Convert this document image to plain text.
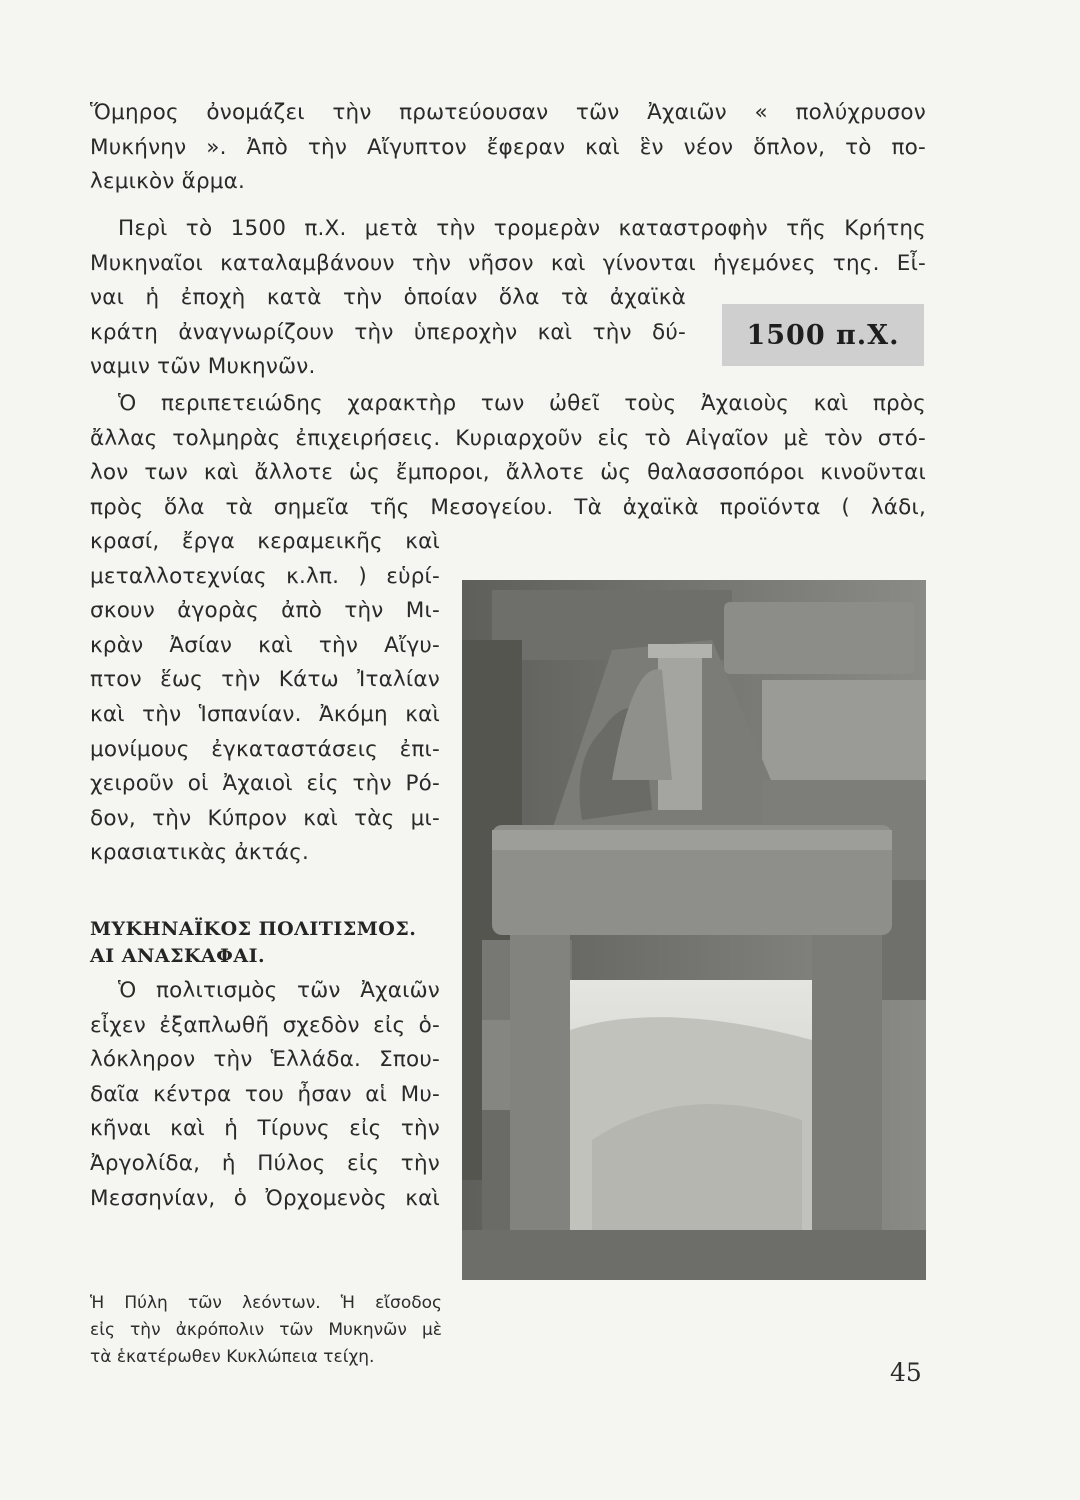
Ὅμηρος ὀνομάζει τὴν πρωτεύουσαν τῶν Ἀχαιῶν « πολύχρυσον
Μυκήνην ». Ἀπὸ τὴν Αἴγυπτον ἔφεραν καὶ ἓν νέον ὅπλον, τὸ πο-
λεμικὸν ἅρμα.
Περὶ τὸ 1500 π.Χ. μετὰ τὴν τρομερὰν καταστροφὴν τῆς Κρήτης
Μυκηναῖοι καταλαμβάνουν τὴν νῆσον καὶ γίνονται ἡγεμόνες της. Εἶ-
ναι ἡ ἐποχὴ κατὰ τὴν ὁποίαν ὅλα τὰ ἀχαϊκὰ
κράτη ἀναγνωρίζουν τὴν ὑπεροχὴν καὶ τὴν δύ-
ναμιν τῶν Μυκηνῶν.
1500 π.Χ.
Ὁ περιπετειώδης χαρακτὴρ των ὠθεῖ τοὺς Ἀχαιοὺς καὶ πρὸς
ἄλλας τολμηρὰς ἐπιχειρήσεις. Κυριαρχοῦν εἰς τὸ Αἰγαῖον μὲ τὸν στό-
λον των καὶ ἄλλοτε ὡς ἔμποροι, ἄλλοτε ὡς θαλασσοπόροι κινοῦνται
πρὸς ὅλα τὰ σημεῖα τῆς Μεσογείου. Τὰ ἀχαϊκὰ προϊόντα ( λάδι,
κρασί, ἔργα κεραμεικῆς καὶ
μεταλλοτεχνίας κ.λπ. ) εὑρί-
σκουν ἀγορὰς ἀπὸ τὴν Μι-
κρὰν Ἀσίαν καὶ τὴν Αἴγυ-
πτον ἕως τὴν Κάτω Ἰταλίαν
καὶ τὴν Ἱσπανίαν. Ἀκόμη καὶ
μονίμους ἐγκαταστάσεις ἐπι-
χειροῦν οἱ Ἀχαιοὶ εἰς τὴν Ρό-
δον, τὴν Κύπρον καὶ τὰς μι-
κρασιατικὰς ἀκτάς.
ΜΥΚΗΝΑΪΚΟΣ ΠΟΛΙΤΙΣΜΟΣ.
ΑΙ ΑΝΑΣΚΑΦΑΙ.
Ὁ πολιτισμὸς τῶν Ἀχαιῶν
εἶχεν ἐξαπλωθῆ σχεδὸν εἰς ὁ-
λόκληρον τὴν Ἑλλάδα. Σπου-
δαῖα κέντρα του ἦσαν αἱ Μυ-
κῆναι καὶ ἡ Τίρυνς εἰς τὴν
Ἀργολίδα, ἡ Πύλος εἰς τὴν
Μεσσηνίαν, ὁ Ὀρχομενὸς καὶ
Ἡ Πύλη τῶν λεόντων. Ἡ εἴσοδος
εἰς τὴν ἀκρόπολιν τῶν Μυκηνῶν μὲ
τὰ ἑκατέρωθεν Κυκλώπεια τείχη.
45
